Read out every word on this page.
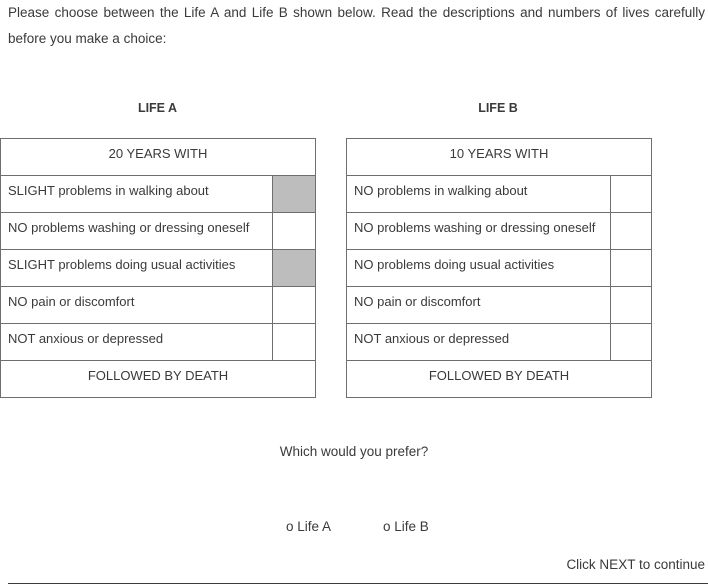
Please choose between the Life A and Life B shown below. Read the descriptions and numbers of lives carefully before you make a choice:

LIFE A	LIFE B
20 YEARS WITH	
SLIGHT problems in walking about	
NO problems washing or dressing oneself	
SLIGHT problems doing usual activities	
NO pain or discomfort	
NOT anxious or depressed	
FOLLOWED BY DEATH	
10 YEARS WITH	
NO problems in walking about	
NO problems washing or dressing oneself	
NO problems doing usual activities	
NO pain or discomfort	
NOT anxious or depressed	
FOLLOWED BY DEATH	
Which would you prefer?
o Life A	o Life B
Click NEXT to continue
